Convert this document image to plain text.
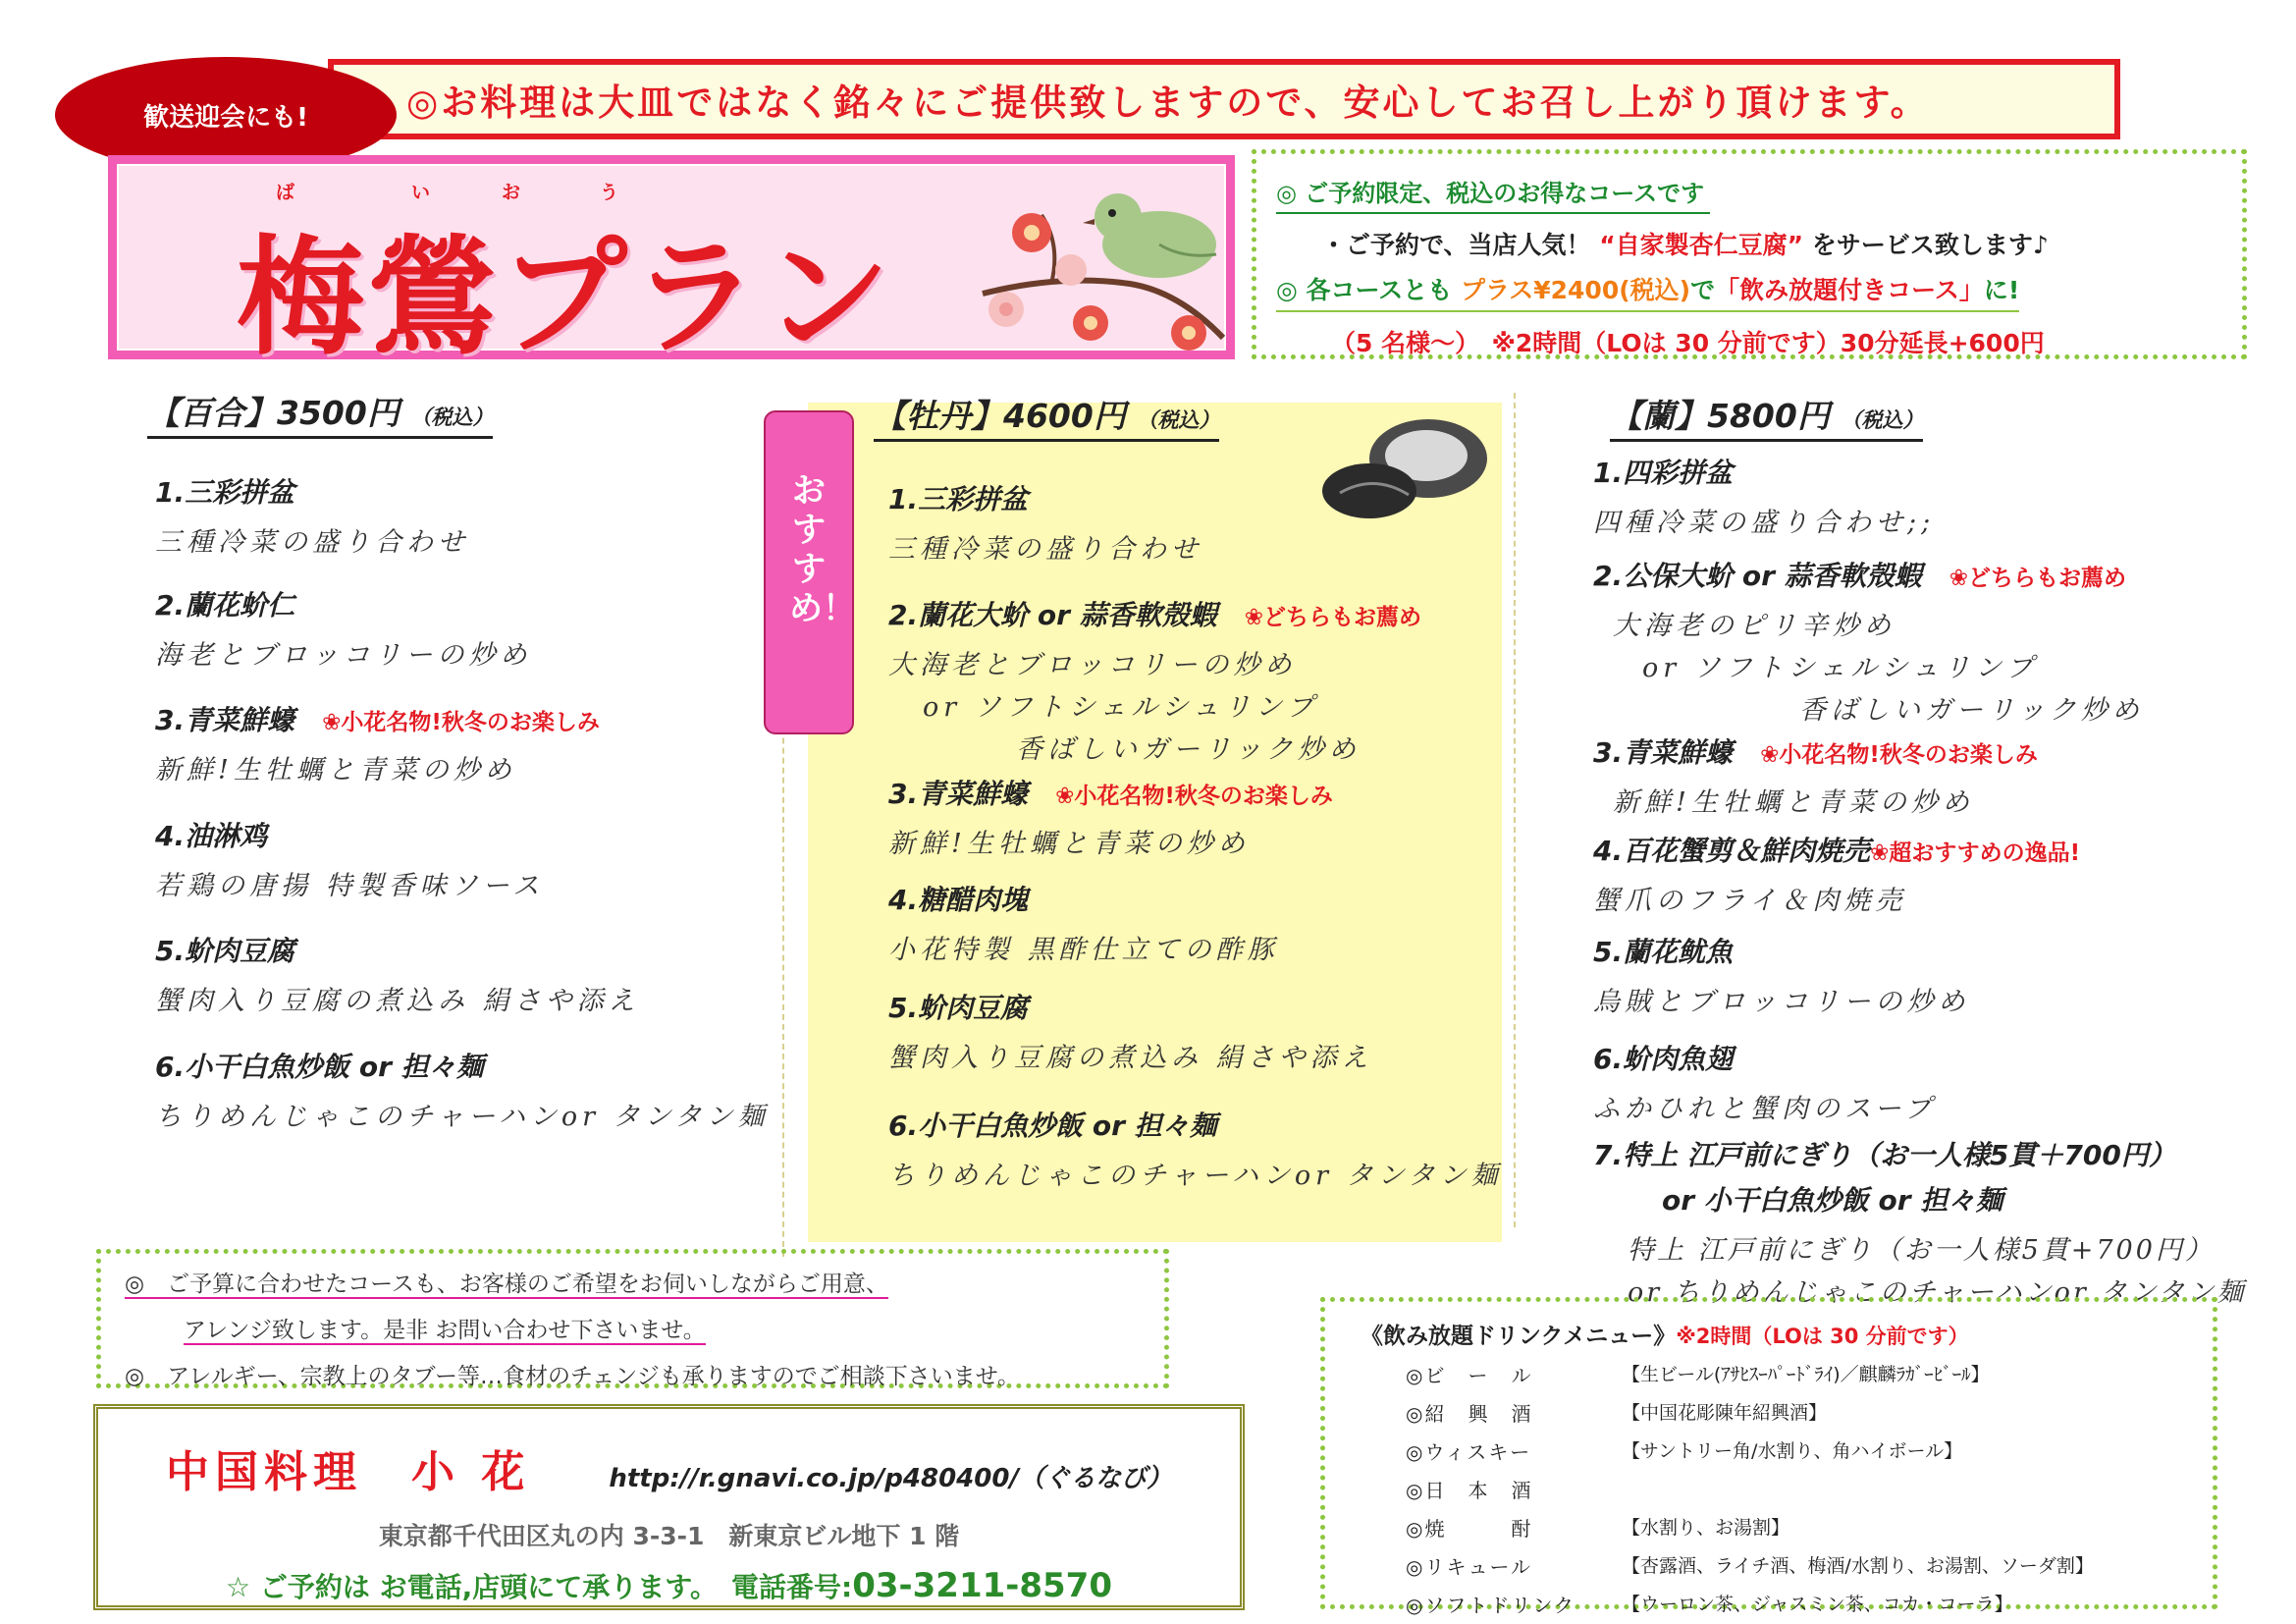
◎お料理は大皿ではなく銘々にご提供致しますので、安心してお召し上がり頂けます。
歓送迎会にも!
ば	い	お	う
梅鶯プラン
◎ ご予約限定、税込のお得なコースです
・ご予約で、当店人気！ “自家製杏仁豆腐” をサービス致します♪
◎ 各コースとも プラス¥2400(税込)で「飲み放題付きコース」に!
（5 名様～）　※2時間（LOは 30 分前です）30分延長+600円
おすすめ！
【百合】3500円 （税込）
1.三彩拼盆
三種冷菜の盛り合わせ
2.蘭花蚧仁
海老とブロッコリーの炒め
3.青菜鮮蠔　 ❀小花名物!秋冬のお楽しみ
新鮮!生牡蠣と青菜の炒め
4.油淋鸡
若鶏の唐揚 特製香味ソース
5.蚧肉豆腐
蟹肉入り豆腐の煮込み 絹さや添え
6.小干白魚炒飯 or 担々麺
ちりめんじゃこのチャーハンor タンタン麺
【牡丹】4600円 （税込）
1.三彩拼盆
三種冷菜の盛り合わせ
2.蘭花大蚧 or 蒜香軟殻蝦　 ❀どちらもお薦め
大海老とブロッコリーの炒め
or ソフトシェルシュリンプ
香ばしいガーリック炒め
3.青菜鮮蠔　 ❀小花名物!秋冬のお楽しみ
新鮮!生牡蠣と青菜の炒め
4.糖醋肉塊
小花特製 黒酢仕立ての酢豚
5.蚧肉豆腐
蟹肉入り豆腐の煮込み 絹さや添え
6.小干白魚炒飯 or 担々麺
ちりめんじゃこのチャーハンor タンタン麺
【蘭】5800円 （税込）
1.四彩拼盆
四種冷菜の盛り合わせ;;
2.公保大蚧 or 蒜香軟殻蝦　 ❀どちらもお薦め
大海老のピリ辛炒め
or ソフトシェルシュリンプ
香ばしいガーリック炒め
3.青菜鮮蠔　 ❀小花名物!秋冬のお楽しみ
新鮮!生牡蠣と青菜の炒め
4.百花蟹剪＆鮮肉焼売❀超おすすめの逸品!
蟹爪のフライ＆肉焼売
5.蘭花鱿魚
烏賊とブロッコリーの炒め
6.蚧肉魚翅
ふかひれと蟹肉のスープ
7.特上 江戸前にぎり（お一人様5貫＋700円）
or 小干白魚炒飯 or 担々麺
特上 江戸前にぎり（お一人様5貫+700円）
or ちりめんじゃこのチャーハンor タンタン麺
◎　ご予算に合わせたコースも、お客様のご希望をお伺いしながらご用意、
アレンジ致します。是非 お問い合わせ下さいませ。
◎　アレルギー、宗教上のタブー等…食材のチェンジも承りますのでご相談下さいませ。
中国料理　小 花	http://r.gnavi.co.jp/p480400/（ぐるなび）
東京都千代田区丸の内 3-3-1　新東京ビル地下 1 階
☆ ご予約は お電話,店頭にて承ります。　電話番号:03-3211-8570
《飲み放題ドリンクメニュー》※2時間（LOは 30 分前です）
◎ビ　ー　ル	【生ビール(ｱｻﾋｽｰﾊﾟｰﾄﾞﾗｲ)／麒麟ﾗｶﾞｰﾋﾞｰﾙ】
◎紹　興　酒	【中国花彫陳年紹興酒】
◎ウィスキー	【サントリー角/水割り、角ハイボール】
◎日　本　酒
◎焼　　　酎	【水割り、お湯割】
◎リキュール	【杏露酒、ライチ酒、梅酒/水割り、お湯割、ソーダ割】
◎ソフトドリンク	【ウーロン茶、ジャスミン茶、コカ・コーラ】
